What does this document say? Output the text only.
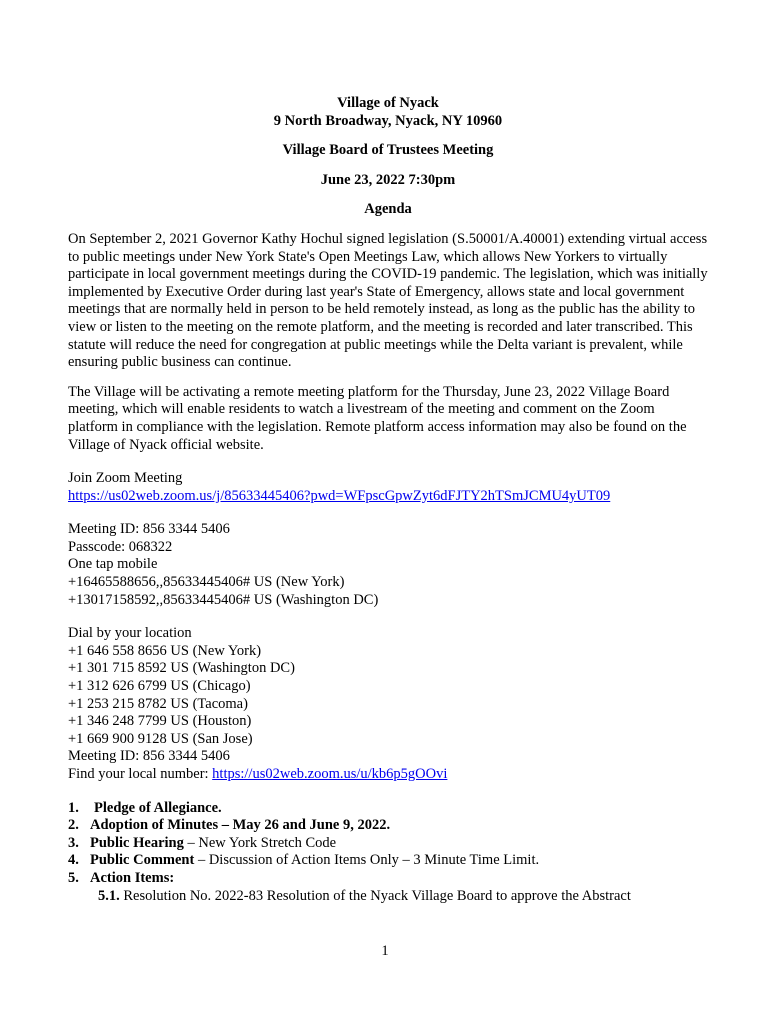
Village of Nyack
9 North Broadway, Nyack, NY 10960
Village Board of Trustees Meeting
June 23, 2022 7:30pm
Agenda

On September 2, 2021 Governor Kathy Hochul signed legislation (S.50001/A.40001) extending virtual access to public meetings under New York State's Open Meetings Law, which allows New Yorkers to virtually participate in local government meetings during the COVID-19 pandemic. The legislation, which was initially implemented by Executive Order during last year's State of Emergency, allows state and local government meetings that are normally held in person to be held remotely instead, as long as the public has the ability to view or listen to the meeting on the remote platform, and the meeting is recorded and later transcribed. This statute will reduce the need for congregation at public meetings while the Delta variant is prevalent, while ensuring public business can continue.

The Village will be activating a remote meeting platform for the Thursday, June 23, 2022 Village Board meeting, which will enable residents to watch a livestream of the meeting and comment on the Zoom platform in compliance with the legislation. Remote platform access information may also be found on the Village of Nyack official website.

Join Zoom Meeting
https://us02web.zoom.us/j/85633445406?pwd=WFpscGpwZyt6dFJTY2hTSmJCMU4yUT09
Meeting ID: 856 3344 5406
Passcode: 068322
One tap mobile
+16465588656,,85633445406# US (New York)
+13017158592,,85633445406# US (Washington DC)
Dial by your location
+1 646 558 8656 US (New York)
+1 301 715 8592 US (Washington DC)
+1 312 626 6799 US (Chicago)
+1 253 215 8782 US (Tacoma)
+1 346 248 7799 US (Houston)
+1 669 900 9128 US (San Jose)
Meeting ID: 856 3344 5406
Find your local number: https://us02web.zoom.us/u/kb6p5gOOvi
1.	Pledge of Allegiance.
2. Adoption of Minutes – May 26 and June 9, 2022.
3. Public Hearing – New York Stretch Code
4. Public Comment – Discussion of Action Items Only – 3 Minute Time Limit.
5. Action Items:
5.1. Resolution No. 2022-83 Resolution of the Nyack Village Board to approve the Abstract
1
